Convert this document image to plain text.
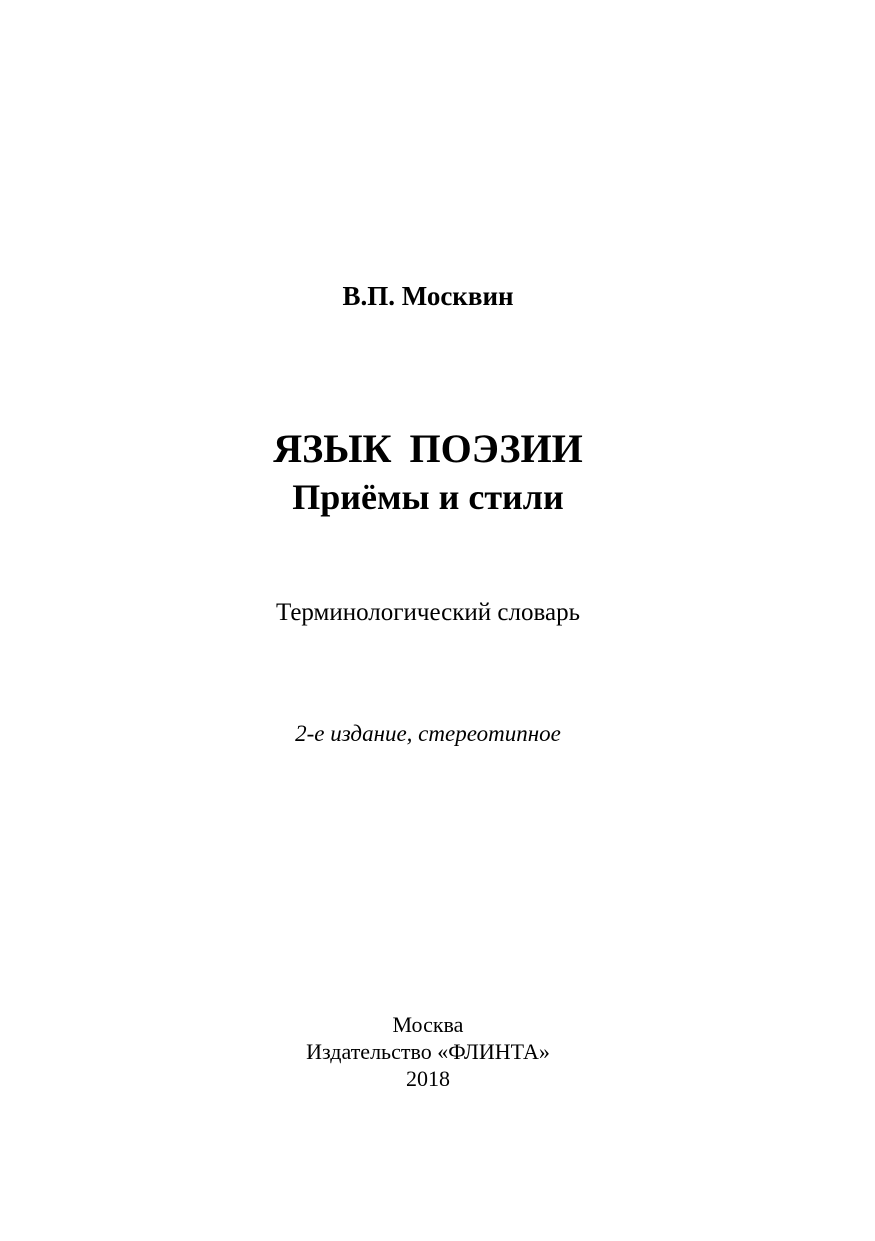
В.П. Москвин
ЯЗЫК ПОЭЗИИ
Приёмы и стили
Терминологический словарь
2-е издание, стереотипное
Москва
Издательство «ФЛИНТА»
2018
